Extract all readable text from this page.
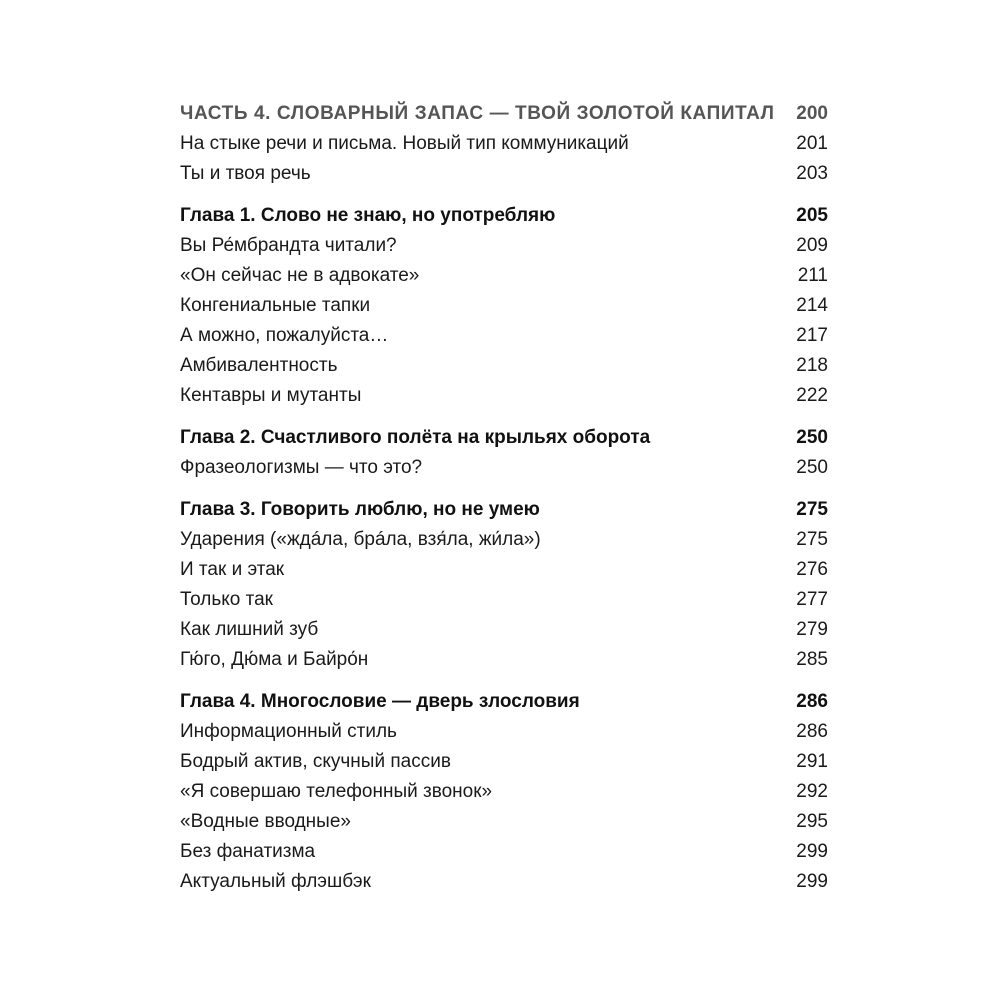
ЧАСТЬ 4. СЛОВАРНЫЙ ЗАПАС — ТВОЙ ЗОЛОТОЙ КАПИТАЛ	200
На стыке речи и письма. Новый тип коммуникаций	201
Ты и твоя речь	203
Глава 1. Слово не знаю, но употребляю	205
Вы Ре́мбрандта читали?	209
«Он сейчас не в адвокате»	211
Конгениальные тапки	214
А можно, пожалуйста…	217
Амбивалентность	218
Кентавры и мутанты	222
Глава 2. Счастливого полёта на крыльях оборота	250
Фразеологизмы — что это?	250
Глава 3. Говорить люблю, но не умею	275
Ударения («ждáла, брáла, взя́ла, жи́ла»)	275
И так и этак	276
Только так	277
Как лишний зуб	279
Гю́го, Дю́ма и Байро́н	285
Глава 4. Многословие — дверь злословия	286
Информационный стиль	286
Бодрый актив, скучный пассив	291
«Я совершаю телефонный звонок»	292
«Водные вводные»	295
Без фанатизма	299
Актуальный флэшбэк	299
